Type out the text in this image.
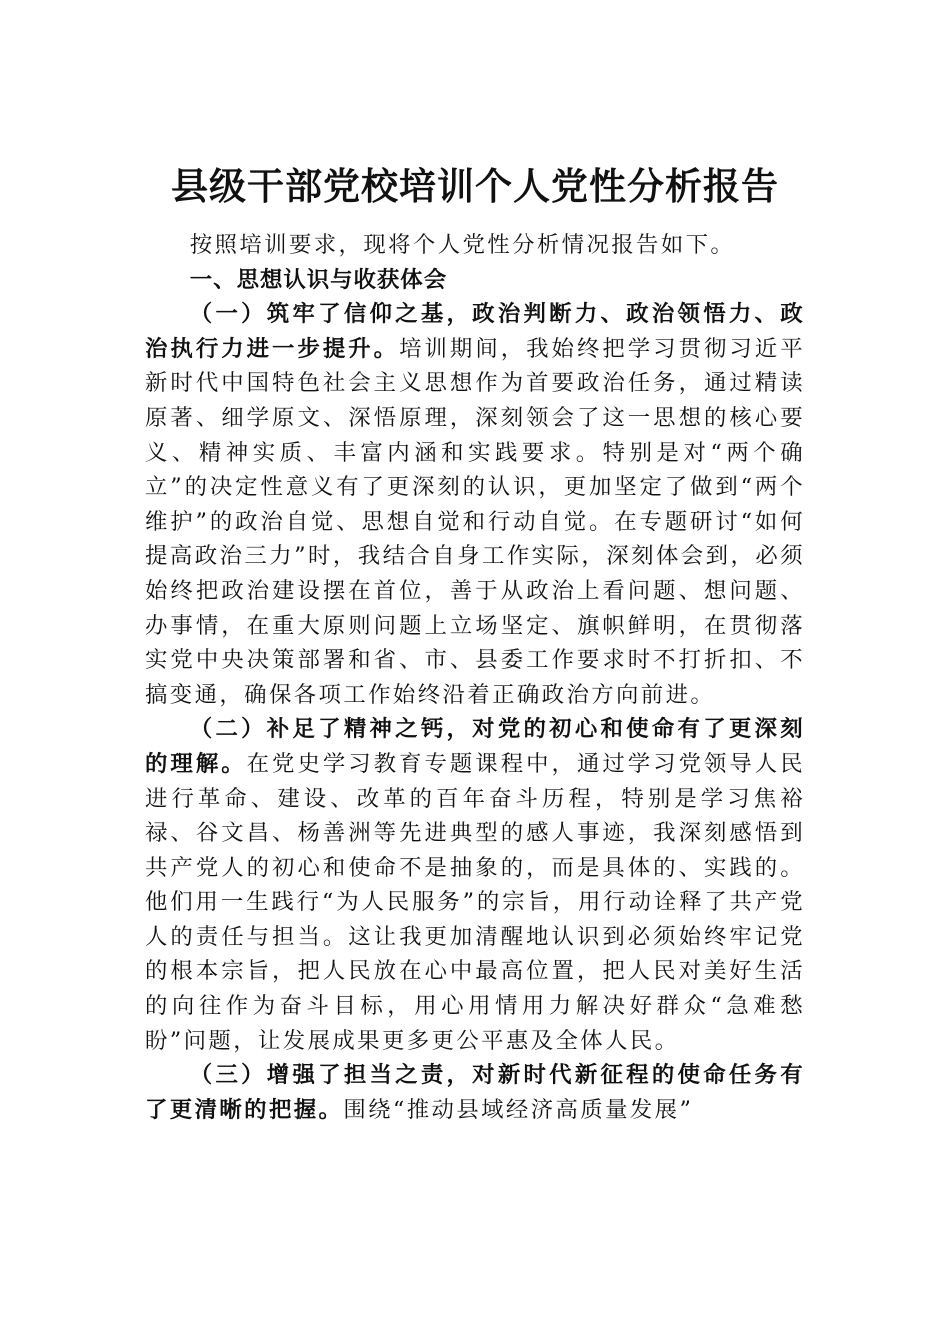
县级干部党校培训个人党性分析报告

按照培训要求，现将个人党性分析情况报告如下。

一、思想认识与收获体会

（一）筑牢了信仰之基，政治判断力、政治领悟力、政治执行力进一步提升。培训期间，我始终把学习贯彻习近平新时代中国特色社会主义思想作为首要政治任务，通过精读原著、细学原文、深悟原理，深刻领会了这一思想的核心要义、精神实质、丰富内涵和实践要求。特别是对“两个确立”的决定性意义有了更深刻的认识，更加坚定了做到“两个维护”的政治自觉、思想自觉和行动自觉。在专题研讨“如何提高政治三力”时，我结合自身工作实际，深刻体会到，必须始终把政治建设摆在首位，善于从政治上看问题、想问题、办事情，在重大原则问题上立场坚定、旗帜鲜明，在贯彻落实党中央决策部署和省、市、县委工作要求时不打折扣、不搞变通，确保各项工作始终沿着正确政治方向前进。

（二）补足了精神之钙，对党的初心和使命有了更深刻的理解。在党史学习教育专题课程中，通过学习党领导人民进行革命、建设、改革的百年奋斗历程，特别是学习焦裕禄、谷文昌、杨善洲等先进典型的感人事迹，我深刻感悟到共产党人的初心和使命不是抽象的，而是具体的、实践的。他们用一生践行“为人民服务”的宗旨，用行动诠释了共产党人的责任与担当。这让我更加清醒地认识到必须始终牢记党的根本宗旨，把人民放在心中最高位置，把人民对美好生活的向往作为奋斗目标，用心用情用力解决好群众“急难愁盼”问题，让发展成果更多更公平惠及全体人民。

（三）增强了担当之责，对新时代新征程的使命任务有了更清晰的把握。围绕“推动县域经济高质量发展”
